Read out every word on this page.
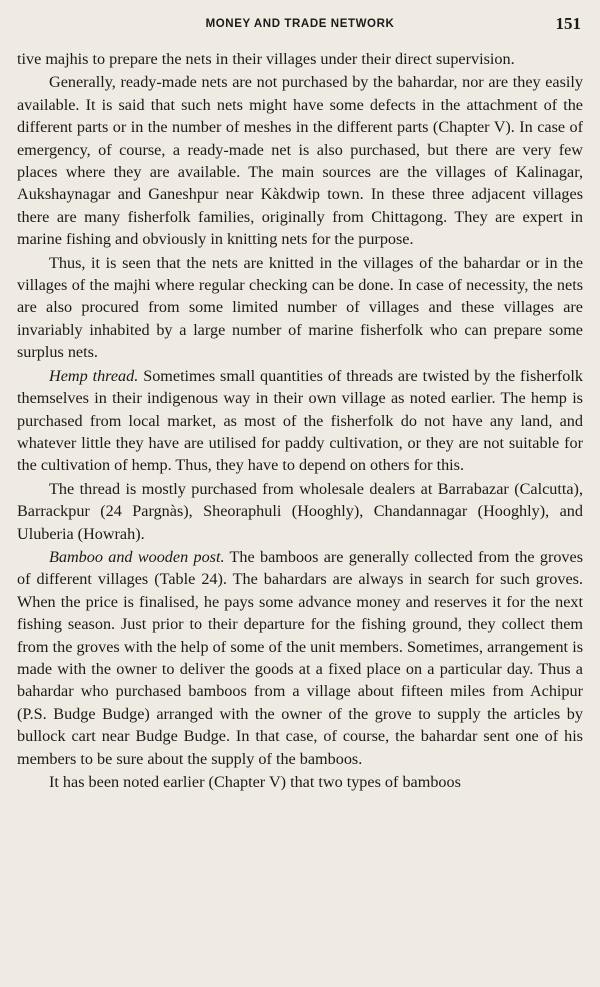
MONEY AND TRADE NETWORK	151

tive majhis to prepare the nets in their villages under their direct supervision.

Generally, ready-made nets are not purchased by the bahardar, nor are they easily available. It is said that such nets might have some defects in the attachment of the different parts or in the number of meshes in the different parts (Chapter V). In case of emergency, of course, a ready-made net is also purchased, but there are very few places where they are available. The main sources are the villages of Kalinagar, Aukshaynagar and Ganeshpur near Kàkdwip town. In these three adjacent villages there are many fisherfolk families, originally from Chittagong. They are expert in marine fishing and obviously in knitting nets for the purpose.

Thus, it is seen that the nets are knitted in the villages of the bahardar or in the villages of the majhi where regular checking can be done. In case of necessity, the nets are also procured from some limited number of villages and these villages are invariably inhabited by a large number of marine fisherfolk who can prepare some surplus nets.

Hemp thread. Sometimes small quantities of threads are twisted by the fisherfolk themselves in their indigenous way in their own village as noted earlier. The hemp is purchased from local market, as most of the fisherfolk do not have any land, and whatever little they have are utilised for paddy cultivation, or they are not suitable for the cultivation of hemp. Thus, they have to depend on others for this.

The thread is mostly purchased from wholesale dealers at Barrabazar (Calcutta), Barrackpur (24 Pargnàs), Sheoraphuli (Hooghly), Chandannagar (Hooghly), and Uluberia (Howrah).

Bamboo and wooden post. The bamboos are generally collected from the groves of different villages (Table 24). The bahardars are always in search for such groves. When the price is finalised, he pays some advance money and reserves it for the next fishing season. Just prior to their departure for the fishing ground, they collect them from the groves with the help of some of the unit members. Sometimes, arrangement is made with the owner to deliver the goods at a fixed place on a particular day. Thus a bahardar who purchased bamboos from a village about fifteen miles from Achipur (P.S. Budge Budge) arranged with the owner of the grove to supply the articles by bullock cart near Budge Budge. In that case, of course, the bahardar sent one of his members to be sure about the supply of the bamboos.

It has been noted earlier (Chapter V) that two types of bamboos
